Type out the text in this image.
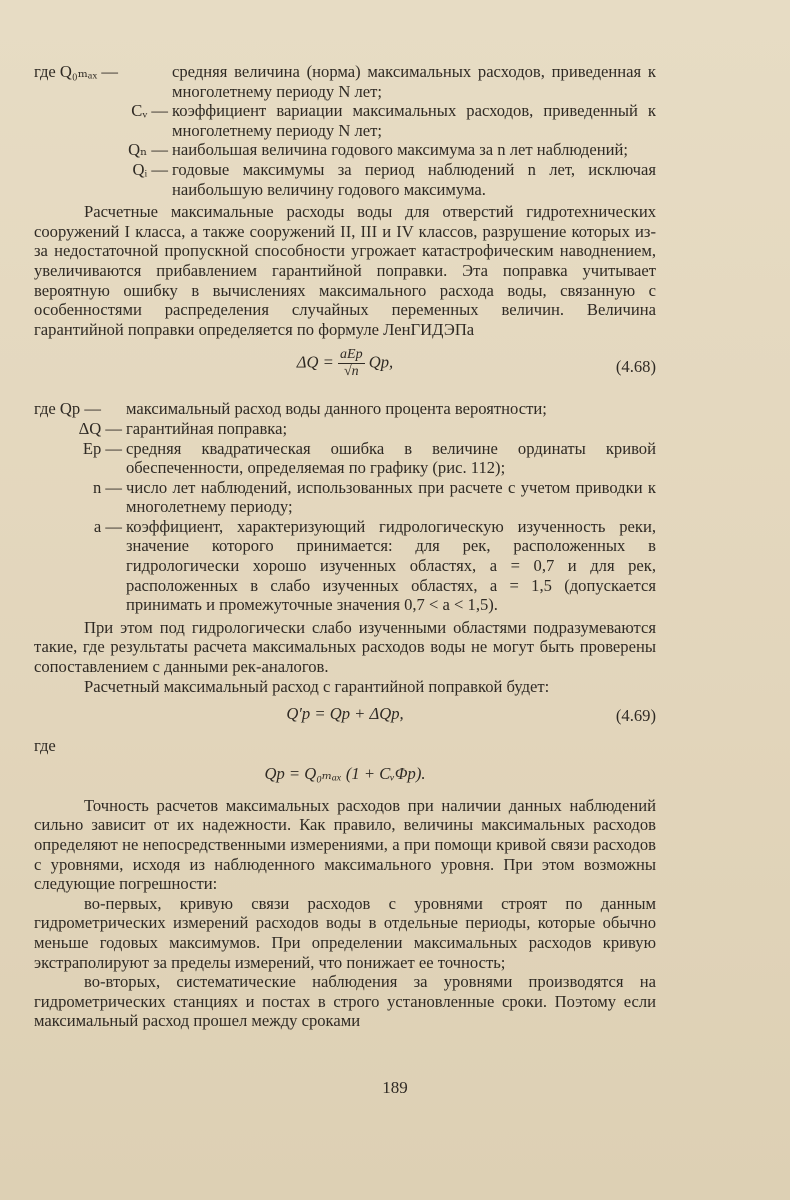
где Q₀ₘₐₓ —	средняя величина (норма) максимальных расходов, приведенная к многолетнему периоду N лет;
Cᵥ — коэффициент вариации максимальных расходов, приведенный к многолетнему периоду N лет;
Qₙ — наибольшая величина годового максимума за n лет наблюдений;
Qᵢ — годовые максимумы за период наблюдений n лет, исключая наибольшую величину годового максимума.

Расчетные максимальные расходы воды для отверстий гидротехнических сооружений I класса, а также сооружений II, III и IV классов, разрушение которых из-за недостаточной пропускной способности угрожает катастрофическим наводнением, увеличиваются прибавлением гарантийной поправки. Эта поправка учитывает вероятную ошибку в вычислениях максимального расхода воды, связанную с особенностями распределения случайных переменных величин. Величина гарантийной поправки определяется по формуле ЛенГИДЭПа

$\Delta Q = \frac{\text{aEp}}{√n} Qp$,	(4.68)
где Qp —	максимальный расход воды данного процента вероятности;
ΔQ — гарантийная поправка;
Ep — средняя квадратическая ошибка в величине ординаты кривой обеспеченности, определяемая по графику (рис. 112);
n — число лет наблюдений, использованных при расчете с учетом приводки к многолетнему периоду;
a — коэффициент, характеризующий гидрологическую изученность реки, значение которого принимается: для рек, расположенных в гидрологически хорошо изученных областях, a = 0,7 и для рек, расположенных в слабо изученных областях, a = 1,5 (допускается принимать и промежуточные значения 0,7 < a < 1,5).

При этом под гидрологически слабо изученными областями подразумеваются такие, где результаты расчета максимальных расходов воды не могут быть проверены сопоставлением с данными рек-аналогов.

Расчетный максимальный расход с гарантийной поправкой будет:

Q′p = Qp + ΔQp,	(4.69)

где

Qp = Q₀ₘₐₓ (1 + CᵥΦp).

Точность расчетов максимальных расходов при наличии данных наблюдений сильно зависит от их надежности. Как правило, величины максимальных расходов определяют не непосредственными измерениями, а при помощи кривой связи расходов с уровнями, исходя из наблюденного максимального уровня. При этом возможны следующие погрешности:

во-первых, кривую связи расходов с уровнями строят по данным гидрометрических измерений расходов воды в отдельные периоды, которые обычно меньше годовых максимумов. При определении максимальных расходов кривую экстраполируют за пределы измерений, что понижает ее точность;

во-вторых, систематические наблюдения за уровнями производятся на гидрометрических станциях и постах в строго установленные сроки. Поэтому если максимальный расход прошел между сроками

189
